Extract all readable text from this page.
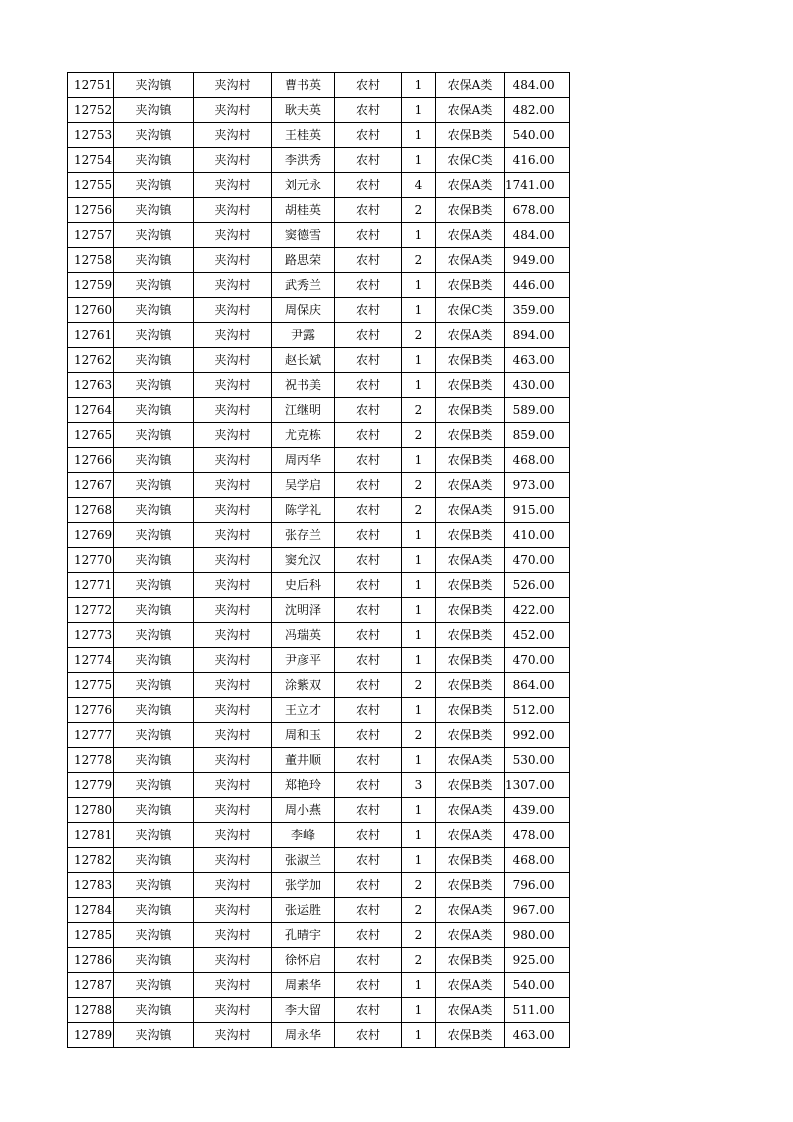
12751	夹沟镇	夹沟村	曹书英	农村	1	农保A类	484.00
12752	夹沟镇	夹沟村	耿夫英	农村	1	农保A类	482.00
12753	夹沟镇	夹沟村	王桂英	农村	1	农保B类	540.00
12754	夹沟镇	夹沟村	李洪秀	农村	1	农保C类	416.00
12755	夹沟镇	夹沟村	刘元永	农村	4	农保A类	1741.00
12756	夹沟镇	夹沟村	胡桂英	农村	2	农保B类	678.00
12757	夹沟镇	夹沟村	窦德雪	农村	1	农保A类	484.00
12758	夹沟镇	夹沟村	路思荣	农村	2	农保A类	949.00
12759	夹沟镇	夹沟村	武秀兰	农村	1	农保B类	446.00
12760	夹沟镇	夹沟村	周保庆	农村	1	农保C类	359.00
12761	夹沟镇	夹沟村	尹露	农村	2	农保A类	894.00
12762	夹沟镇	夹沟村	赵长斌	农村	1	农保B类	463.00
12763	夹沟镇	夹沟村	祝书美	农村	1	农保B类	430.00
12764	夹沟镇	夹沟村	江继明	农村	2	农保B类	589.00
12765	夹沟镇	夹沟村	尤克栋	农村	2	农保B类	859.00
12766	夹沟镇	夹沟村	周丙华	农村	1	农保B类	468.00
12767	夹沟镇	夹沟村	吴学启	农村	2	农保A类	973.00
12768	夹沟镇	夹沟村	陈学礼	农村	2	农保A类	915.00
12769	夹沟镇	夹沟村	张存兰	农村	1	农保B类	410.00
12770	夹沟镇	夹沟村	窦允汉	农村	1	农保A类	470.00
12771	夹沟镇	夹沟村	史后科	农村	1	农保B类	526.00
12772	夹沟镇	夹沟村	沈明泽	农村	1	农保B类	422.00
12773	夹沟镇	夹沟村	冯瑞英	农村	1	农保B类	452.00
12774	夹沟镇	夹沟村	尹彦平	农村	1	农保B类	470.00
12775	夹沟镇	夹沟村	涂紫双	农村	2	农保B类	864.00
12776	夹沟镇	夹沟村	王立才	农村	1	农保B类	512.00
12777	夹沟镇	夹沟村	周和玉	农村	2	农保B类	992.00
12778	夹沟镇	夹沟村	董井顺	农村	1	农保A类	530.00
12779	夹沟镇	夹沟村	郑艳玲	农村	3	农保B类	1307.00
12780	夹沟镇	夹沟村	周小燕	农村	1	农保A类	439.00
12781	夹沟镇	夹沟村	李峰	农村	1	农保A类	478.00
12782	夹沟镇	夹沟村	张淑兰	农村	1	农保B类	468.00
12783	夹沟镇	夹沟村	张学加	农村	2	农保B类	796.00
12784	夹沟镇	夹沟村	张运胜	农村	2	农保A类	967.00
12785	夹沟镇	夹沟村	孔晴宇	农村	2	农保A类	980.00
12786	夹沟镇	夹沟村	徐怀启	农村	2	农保B类	925.00
12787	夹沟镇	夹沟村	周素华	农村	1	农保A类	540.00
12788	夹沟镇	夹沟村	李大留	农村	1	农保A类	511.00
12789	夹沟镇	夹沟村	周永华	农村	1	农保B类	463.00
